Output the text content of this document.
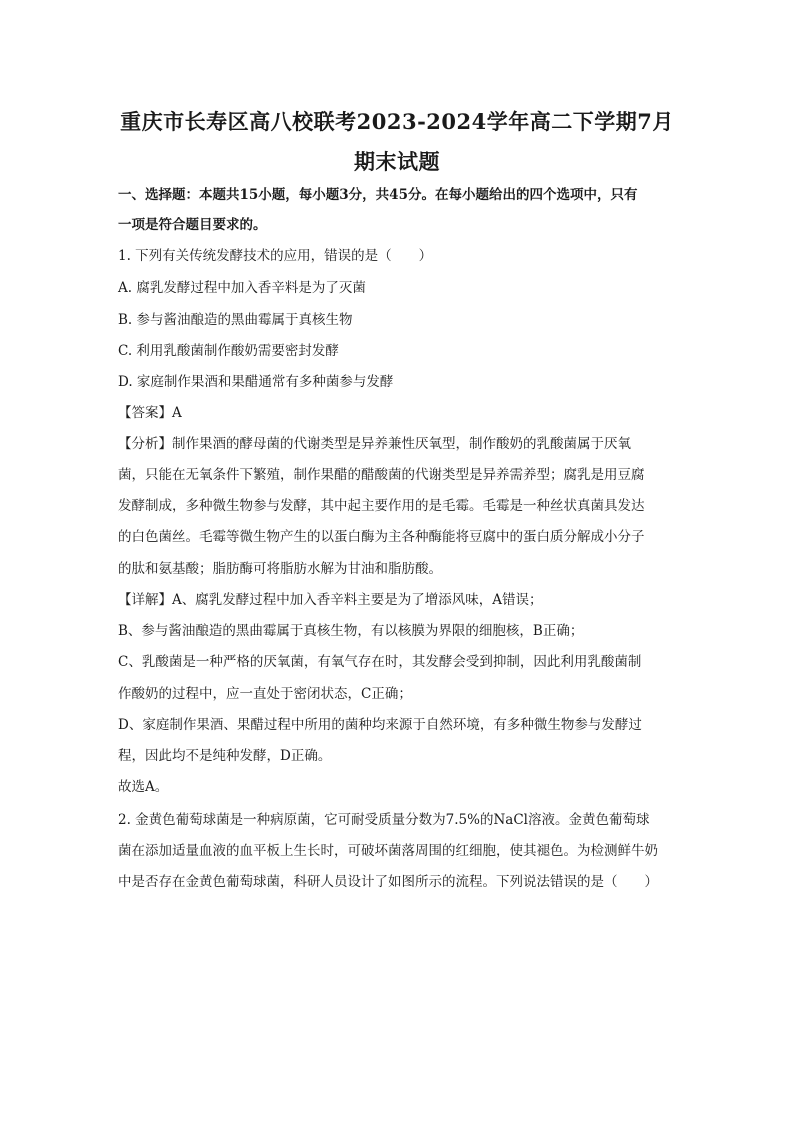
重庆市长寿区高八校联考2023-2024学年高二下学期7月
期末试题
一、选择题：本题共15小题，每小题3分，共45分。在每小题给出的四个选项中，只有
一项是符合题目要求的。
1. 下列有关传统发酵技术的应用，错误的是（　　）
A. 腐乳发酵过程中加入香辛料是为了灭菌
B. 参与酱油酿造的黑曲霉属于真核生物
C. 利用乳酸菌制作酸奶需要密封发酵
D. 家庭制作果酒和果醋通常有多种菌参与发酵
【答案】A
【分析】制作果酒的酵母菌的代谢类型是异养兼性厌氧型，制作酸奶的乳酸菌属于厌氧
菌，只能在无氧条件下繁殖，制作果醋的醋酸菌的代谢类型是异养需养型；腐乳是用豆腐
发酵制成，多种微生物参与发酵，其中起主要作用的是毛霉。毛霉是一种丝状真菌具发达
的白色菌丝。毛霉等微生物产生的以蛋白酶为主各种酶能将豆腐中的蛋白质分解成小分子
的肽和氨基酸；脂肪酶可将脂肪水解为甘油和脂肪酸。
【详解】A、腐乳发酵过程中加入香辛料主要是为了增添风味，A错误；
B、参与酱油酿造的黑曲霉属于真核生物，有以核膜为界限的细胞核，B正确；
C、乳酸菌是一种严格的厌氧菌，有氧气存在时，其发酵会受到抑制，因此利用乳酸菌制
作酸奶的过程中，应一直处于密闭状态，C正确；
D、家庭制作果酒、果醋过程中所用的菌种均来源于自然环境，有多种微生物参与发酵过
程，因此均不是纯种发酵，D正确。
故选A。
2. 金黄色葡萄球菌是一种病原菌，它可耐受质量分数为7.5%的NaCl溶液。金黄色葡萄球
菌在添加适量血液的血平板上生长时，可破坏菌落周围的红细胞，使其褪色。为检测鲜牛奶
中是否存在金黄色葡萄球菌，科研人员设计了如图所示的流程。下列说法错误的是（　　）
